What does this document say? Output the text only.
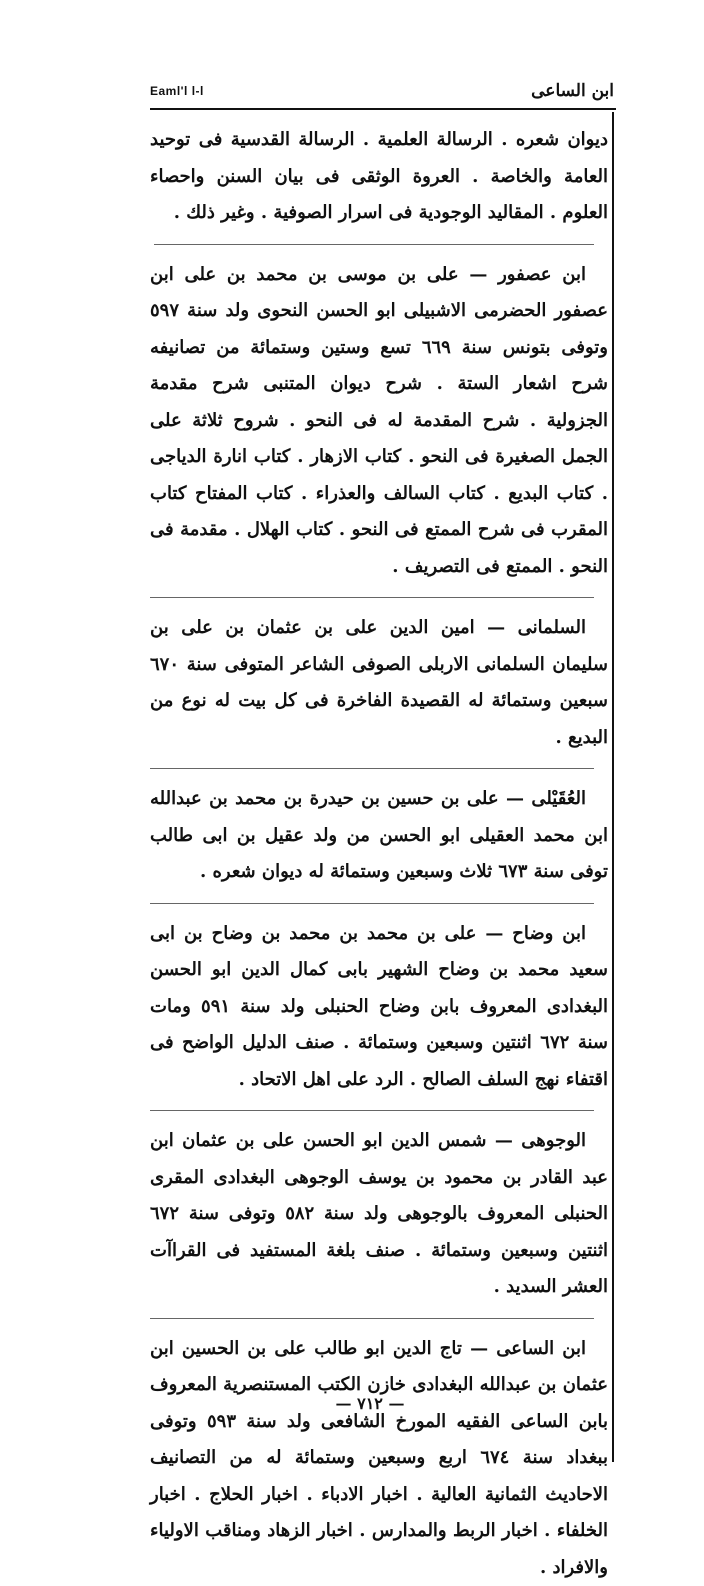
Eaml'l l-l	ابن الساعى

ديوان شعره . الرسالة العلمية . الرسالة القدسية فى توحيد العامة والخاصة . العروة الوثقى فى بيان السنن واحصاء العلوم . المقاليد الوجودية فى اسرار الصوفية . وغير ذلك .

ابن عصفور — على بن موسى بن محمد بن على ابن عصفور الحضرمى الاشبيلى ابو الحسن النحوى ولد سنة ٥٩٧ وتوفى بتونس سنة ٦٦٩ تسع وستين وستمائة من تصانيفه شرح اشعار الستة . شرح ديوان المتنبى شرح مقدمة الجزولية . شرح المقدمة له فى النحو . شروح ثلاثة على الجمل الصغيرة فى النحو . كتاب الازهار . كتاب انارة الدياجى . كتاب البديع . كتاب السالف والعذراء . كتاب المفتاح كتاب المقرب فى شرح الممتع فى النحو . كتاب الهلال . مقدمة فى النحو . الممتع فى التصريف .

السلمانى — امين الدين على بن عثمان بن على بن سليمان السلمانى الاربلى الصوفى الشاعر المتوفى سنة ٦٧٠ سبعين وستمائة له القصيدة الفاخرة فى كل بيت له نوع من البديع .

العُقَيْلى — على بن حسين بن حيدرة بن محمد بن عبدالله ابن محمد العقيلى ابو الحسن من ولد عقيل بن ابى طالب توفى سنة ٦٧٣ ثلاث وسبعين وستمائة له ديوان شعره .

ابن وضاح — على بن محمد بن محمد بن وضاح بن ابى سعيد محمد بن وضاح الشهير بابى كمال الدين ابو الحسن البغدادى المعروف بابن وضاح الحنبلى ولد سنة ٥٩١ ومات سنة ٦٧٢ اثنتين وسبعين وستمائة . صنف الدليل الواضح فى اقتفاء نهج السلف الصالح . الرد على اهل الاتحاد .

الوجوهى — شمس الدين ابو الحسن على بن عثمان ابن عبد القادر بن محمود بن يوسف الوجوهى البغدادى المقرى الحنبلى المعروف بالوجوهى ولد سنة ٥٨٢ وتوفى سنة ٦٧٢ اثنتين وسبعين وستمائة . صنف بلغة المستفيد فى القراآت العشر السديد .

ابن الساعى — تاج الدين ابو طالب على بن الحسين ابن عثمان بن عبدالله البغدادى خازن الكتب المستنصرية المعروف بابن الساعى الفقيه المورخ الشافعى ولد سنة ٥٩٣ وتوفى ببغداد سنة ٦٧٤ اربع وسبعين وستمائة له من التصانيف الاحاديث الثمانية العالية . اخبار الادباء . اخبار الحلاج . اخبار الخلفاء . اخبار الربط والمدارس . اخبار الزهاد ومناقب الاولياء والافراد .

— ٧١٢ —
